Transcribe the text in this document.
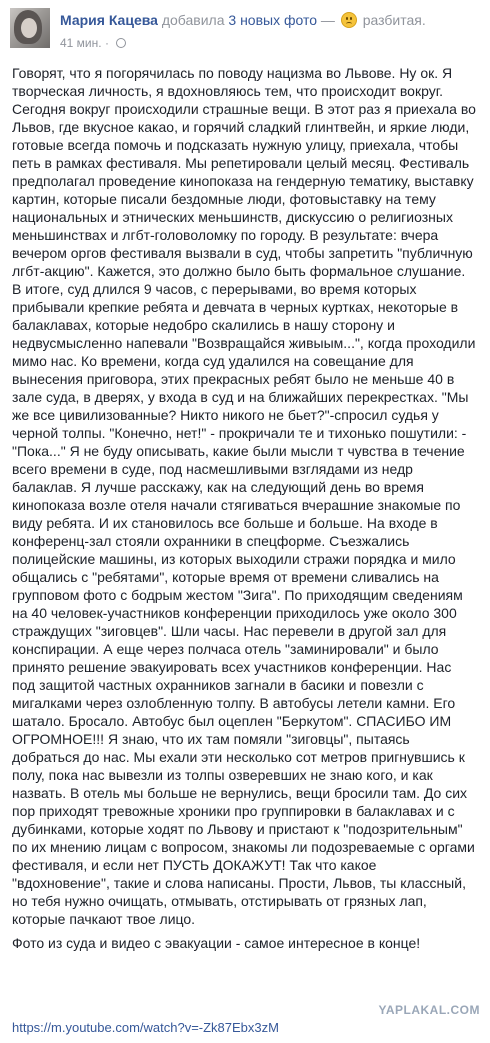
Мария Кацева добавила 3 новых фото — разбитая.
41 мин. ·

Говорят, что я погорячилась по поводу нацизма во Львове. Ну ок. Я творческая личность, я вдохновляюсь тем, что происходит вокруг. Сегодня вокруг происходили страшные вещи. В этот раз я приехала во Львов, где вкусное какао, и горячий сладкий глинтвейн, и яркие люди, готовые всегда помочь и подсказать нужную улицу, приехала, чтобы петь в рамках фестиваля. Мы репетировали целый месяц. Фестиваль предполагал проведение кинопоказа на гендерную тематику, выставку картин, которые писали бездомные люди, фотовыставку на тему национальных и этнических меньшинств, дискуссию о религиозных меньшинствах и лгбт-головоломку по городу. В результате: вчера вечером оргов фестиваля вызвали в суд, чтобы запретить "публичную лгбт-акцию". Кажется, это должно было быть формальное слушание. В итоге, суд длился 9 часов, с перерывами, во время которых прибывали крепкие ребята и девчата в черных куртках, некоторые в балаклавах, которые недобро скалились в нашу сторону и недвусмысленно напевали "Возвращайся живыым...", когда проходили мимо нас. Ко времени, когда суд удалился на совещание для вынесения приговора, этих прекрасных ребят было не меньше 40 в зале суда, в дверях, у входа в суд и на ближайших перекрестках. "Мы же все цивилизованные? Никто никого не бьет?"-спросил судья у черной толпы. "Конечно, нет!" - прокричали те и тихонько пошутили: - "Пока..." Я не буду описывать, какие были мысли т чувства в течение всего времени в суде, под насмешливыми взглядами из недр балаклав. Я лучше расскажу, как на следующий день во время кинопоказа возле отеля начали стягиваться вчерашние знакомые по виду ребята. И их становилось все больше и больше. На входе в конференц-зал стояли охранники в спецформе. Съезжались полицейские машины, из которых выходили стражи порядка и мило общались с "ребятами", которые время от времени сливались на групповом фото с бодрым жестом "Зига". По приходящим сведениям на 40 человек-участников конференции приходилось уже около 300 страждущих "зиговцев". Шли часы. Нас перевели в другой зал для конспирации. А еще через полчаса отель "заминировали" и было принято решение эвакуировать всех участников конференции. Нас под защитой частных охранников загнали в басики и повезли с мигалками через озлобленную толпу. В автобусы летели камни. Его шатало. Бросало. Автобус был оцеплен "Беркутом". СПАСИБО ИМ ОГРОМНОЕ!!! Я знаю, что их там помяли "зиговцы", пытаясь добраться до нас. Мы ехали эти несколько сот метров пригнувшись к полу, пока нас вывезли из толпы озверевших не знаю кого, и как назвать. В отель мы больше не вернулись, вещи бросили там. До сих пор приходят тревожные хроники про группировки в балаклавах и с дубинками, которые ходят по Львову и пристают к "подозрительным" по их мнению лицам с вопросом, знакомы ли подозреваемые с оргами фестиваля, и если нет ПУСТЬ ДОКАЖУТ! Так что какое "вдохновение", такие и слова написаны. Прости, Львов, ты классный, но тебя нужно очищать, отмывать, отстирывать от грязных лап, которые пачкают твое лицо.

Фото из суда и видео с эвакуации - самое интересное в конце!

YAPLAKAL.COM
https://m.youtube.com/watch?v=-Zk87Ebx3zM
